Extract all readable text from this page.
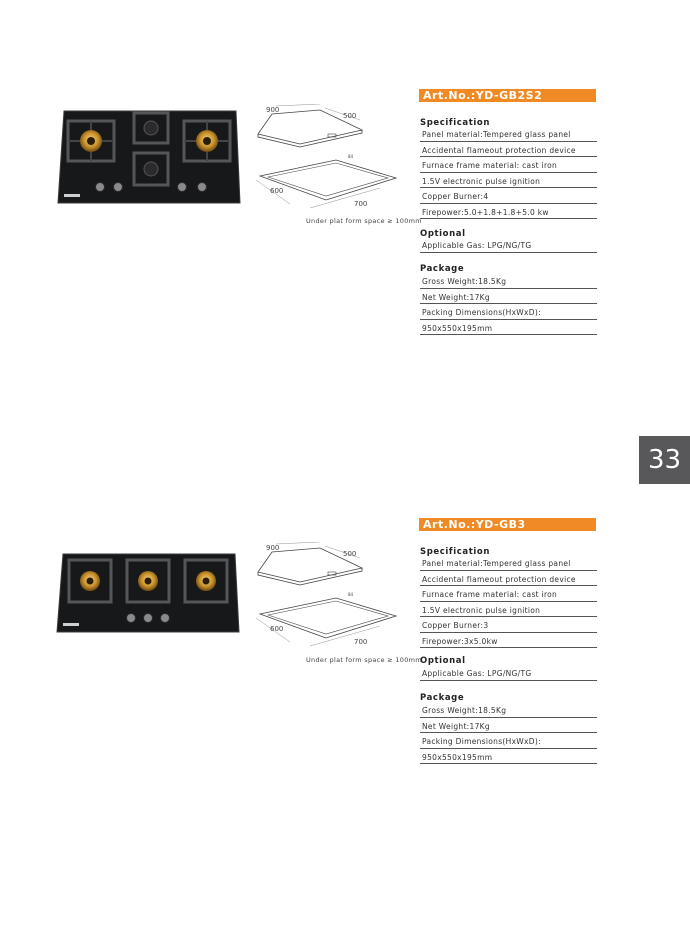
900
500
84
600
700
Under plat form space ≥ 100mm
Art.No.:YD-GB2S2
Specification
Panel material:Tempered glass panel
Accidental flameout protection device
Furnace frame material: cast iron
1.5V electronic pulse ignition
Copper Burner:4
Firepower:5.0+1.8+1.8+5.0 kw
Optional
Applicable Gas: LPG/NG/TG
Package
Gross Weight:18.5Kg
Net Weight:17Kg
Packing Dimensions(HxWxD):
950x550x195mm
900
500
84
600
700
Under plat form space ≥ 100mm
Art.No.:YD-GB3
Specification
Panel material:Tempered glass panel
Accidental flameout protection device
Furnace frame material: cast iron
1.5V electronic pulse ignition
Copper Burner:3
Firepower:3x5.0kw
Optional
Applicable Gas: LPG/NG/TG
Package
Gross Weight:18.5Kg
Net Weight:17Kg
Packing Dimensions(HxWxD):
950x550x195mm
33
